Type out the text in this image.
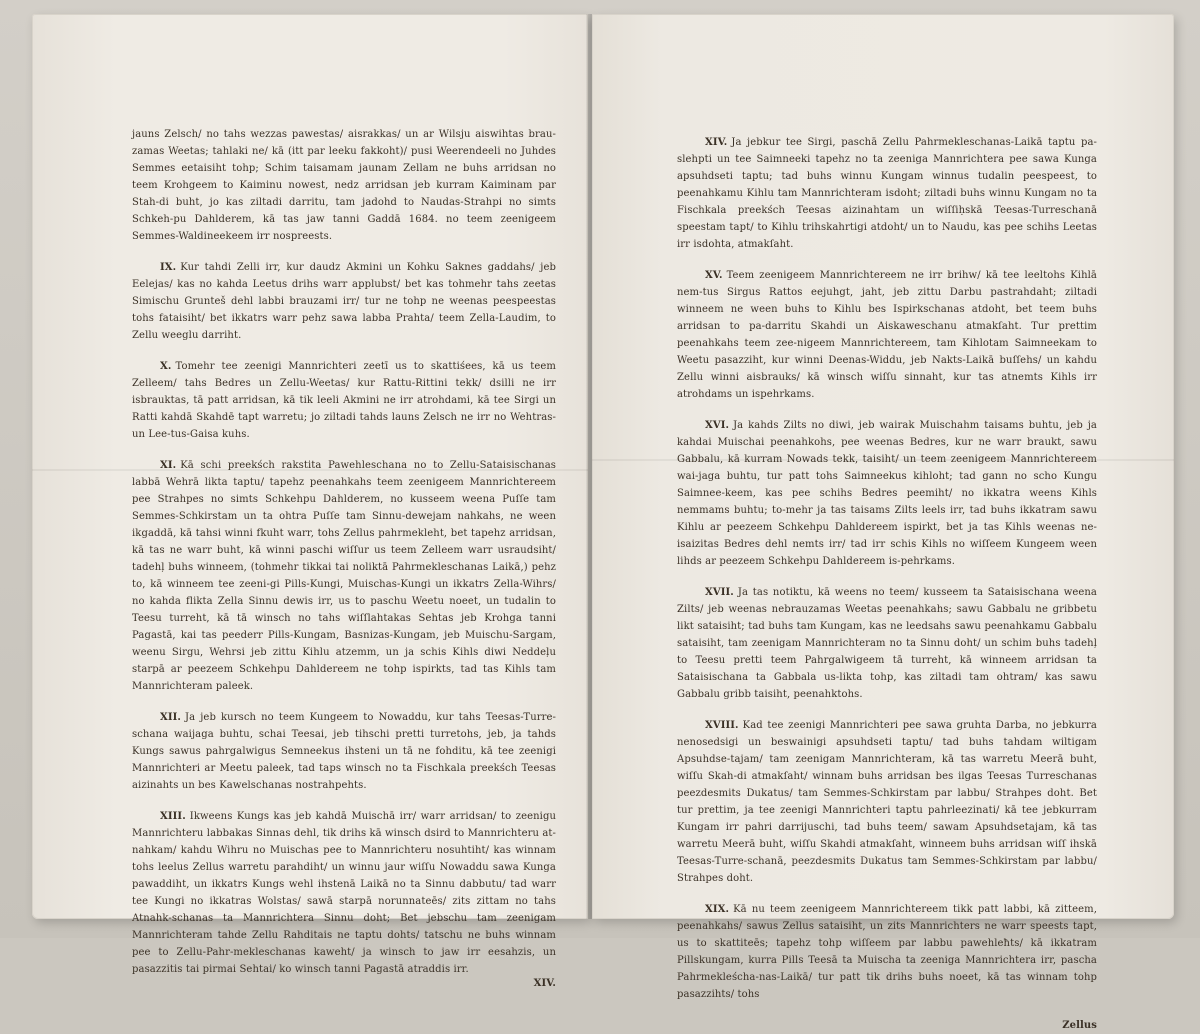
jauns Zelsch/ no tahs wezzas pawestas/ aisrakkas/ un ar Wilsju aiswihtas brau-zamas Weetas; tahlaki ne/ kā (itt par leeku fakkoht)/ pusi Weerendeeli no Juhdes Semmes eetaisiht tohp; Schim taisamam jaunam Zellam ne buhs arridsan no teem Krohgeem to Kaiminu nowest, nedz arridsan jeb kurram Kaiminam par Stah-di buht, jo kas ziltadi darritu, tam jadohd to Naudas-Strahpi no simts Schkeh-pu Dahlderem, kā tas jaw tanni Gaddā 1684. no teem zeenigeem Semmes-Waldineekeem irr nospreests.

IX. Kur tahdi Zelli irr, kur daudz Akmini un Kohku Saknes gaddahs/ jeb Eelejas/ kas no kahda Leetus drihs warr applubst/ bet kas tohmehr tahs zeetas Simischu Grunteš dehl labbi brauzami irr/ tur ne tohp ne weenas peespeestas tohs fataisiht/ bet ikkatrs warr pehz sawa labba Prahta/ teem Zella-Laudim, to Zellu weeglu darriht.
X. Tomehr tee zeenigi Mannrichteri zeetī us to skattiśees, kā us teem Zelleem/ tahs Bedres un Zellu-Weetas/ kur Rattu-Rittini tekk/ dsilli ne irr isbrauktas, tā patt arridsan, kā tik leeli Akmini ne irr atrohdami, kā tee Sirgi un Ratti kahdā Skahdē tapt warretu; jo ziltadi tahds launs Zelsch ne irr no Wehtras-un Lee-tus-Gaisa kuhs.
XI. Kā schi preekśch rakstita Pawehleschana no to Zellu-Sataisischanas labbā Wehrā likta taptu/ tapehz peenahkahs teem zeenigeem Mannrichtereem pee Strahpes no simts Schkehpu Dahlderem, no kusseem weena Puſſe tam Semmes-Schkirstam un ta ohtra Puſſe tam Sinnu-dewejam nahkahs, ne ween ikgaddā, kā tahsi winni fkuht warr, tohs Zellus pahrmekleht, bet tapehz arridsan, kā tas ne warr buht, kā winni paschi wiſſur us teem Zelleem warr usraudsiht/ tadehļ buhs winneem, (tohmehr tikkai tai noliktā Pahrmekleschanas Laikā,) pehz to, kā winneem tee zeeni-gi Pills-Kungi, Muischas-Kungi un ikkatrs Zella-Wihrs/ no kahda flikta Zella Sinnu dewis irr, us to paschu Weetu noeet, un tudalin to Teesu turreht, kā tā winsch no tahs wiſſlahtakas Sehtas jeb Krohga tanni Pagastā, kai tas peederr Pills-Kungam, Basnizas-Kungam, jeb Muischu-Sargam, weenu Sirgu, Wehrsi jeb zittu Kihlu atzemm, un ja schis Kihls diwi Neddeļu starpā ar peezeem Schkehpu Dahldereem ne tohp ispirkts, tad tas Kihls tam Mannrichteram paleek.
XII. Ja jeb kursch no teem Kungeem to Nowaddu, kur tahs Teesas-Turre-schana waijaga buhtu, schai Teesai, jeb tihschi pretti turretohs, jeb, ja tahds Kungs sawus pahrgalwigus Semneekus ihsteni un tā ne fohditu, kā tee zeenigi Mannrichteri ar Meetu paleek, tad taps winsch no ta Fischkala preekśch Teesas aizinahts un bes Kawelschanas nostrahpehts.
XIII. Ikweens Kungs kas jeb kahdā Muischā irr/ warr arridsan/ to zeenigu Mannrichteru labbakas Sinnas dehl, tik drihs kā winsch dsird to Mannrichteru at-nahkam/ kahdu Wihru no Muischas pee to Mannrichteru nosuhtiht/ kas winnam tohs leelus Zellus warretu parahdiht/ un winnu jaur wiſſu Nowaddu sawa Kunga pawaddiht, un ikkatrs Kungs wehl ihstenā Laikā no ta Sinnu dabbutu/ tad warr tee Kungi no ikkatras Wolstas/ sawā starpā norunnateēs/ zits zittam no tahs Atnahk-schanas ta Mannrichtera Sinnu doht; Bet jebschu tam zeenigam Mannrichteram tahde Zellu Rahditais ne taptu dohts/ tatschu ne buhs winnam pee to Zellu-Pahr-mekleschanas kaweht/ ja winsch to jaw irr eesahzis, un pasazzitis tai pirmai Sehtai/ ko winsch tanni Pagastā atraddis irr.
XIV.
XIV. Ja jebkur tee Sirgi, paschā Zellu Pahrmekleschanas-Laikā taptu pa-slehpti un tee Saimneeki tapehz no ta zeeniga Mannrichtera pee sawa Kunga apsuhdseti taptu; tad buhs winnu Kungam winnus tudalin peespeest, to peenahkamu Kihlu tam Mannrichteram isdoht; ziltadi buhs winnu Kungam no ta Fischkala preekśch Teesas aizinahtam un wiſſiḥskā Teesas-Turreschanā speestam tapt/ to Kihlu trihskahrtigi atdoht/ un to Naudu, kas pee schihs Leetas irr isdohta, atmakſaht.
XV. Teem zeenigeem Mannrichtereem ne irr brihw/ kā tee leeltohs Kihlā nem-tus Sirgus Rattos eejuhgt, jaht, jeb zittu Darbu pastrahdaht; ziltadi winneem ne ween buhs to Kihlu bes Ispirkschanas atdoht, bet teem buhs arridsan to pa-darritu Skahdi un Aiskaweschanu atmakſaht. Tur prettim peenahkahs teem zee-nigeem Mannrichtereem, tam Kihlotam Saimneekam to Weetu pasazziht, kur winni Deenas-Widdu, jeb Nakts-Laikā buſſehs/ un kahdu Zellu winni aisbrauks/ kā winsch wiſſu sinnaht, kur tas atnemts Kihls irr atrohdams un ispehrkams.
XVI. Ja kahds Zilts no diwi, jeb wairak Muischahm taisams buhtu, jeb ja kahdai Muischai peenahkohs, pee weenas Bedres, kur ne warr braukt, sawu Gabbalu, kā kurram Nowads tekk, taisiht/ un teem zeenigeem Mannrichtereem wai-jaga buhtu, tur patt tohs Saimneekus kihloht; tad gann no scho Kungu Saimnee-keem, kas pee schihs Bedres peemiht/ no ikkatra weens Kihls nemmams buhtu; to-mehr ja tas taisams Zilts leels irr, tad buhs ikkatram sawu Kihlu ar peezeem Schkehpu Dahldereem ispirkt, bet ja tas Kihls weenas ne-isaizitas Bedres dehl nemts irr/ tad irr schis Kihls no wiſſeem Kungeem ween lihds ar peezeem Schkehpu Dahldereem is-pehrkams.
XVII. Ja tas notiktu, kā weens no teem/ kusseem ta Sataisischana weena Zilts/ jeb weenas nebrauzamas Weetas peenahkahs; sawu Gabbalu ne gribbetu likt sataisiht; tad buhs tam Kungam, kas ne leedsahs sawu peenahkamu Gabbalu sataisiht, tam zeenigam Mannrichteram no ta Sinnu doht/ un schim buhs tadehļ to Teesu pretti teem Pahrgalwigeem tā turreht, kā winneem arridsan ta Sataisischana ta Gabbala us-likta tohp, kas ziltadi tam ohtram/ kas sawu Gabbalu gribb taisiht, peenahktohs.
XVIII. Kad tee zeenigi Mannrichteri pee sawa gruhta Darba, no jebkurra nenosedsigi un beswainigi apsuhdseti taptu/ tad buhs tahdam wiltigam Apsuhdse-tajam/ tam zeenigam Mannrichteram, kā tas warretu Meerā buht, wiſſu Skah-di atmakſaht/ winnam buhs arridsan bes ilgas Teesas Turreschanas peezdesmits Dukatus/ tam Semmes-Schkirstam par labbu/ Strahpes doht. Bet tur prettim, ja tee zeenigi Mannrichteri taptu pahrleezinati/ kā tee jebkurram Kungam irr pahri darrijuschi, tad buhs teem/ sawam Apsuhdsetajam, kā tas warretu Meerā buht, wiſſu Skahdi atmakſaht, winneem buhs arridsan wiſſ ihskā Teesas-Turre-schanā, peezdesmits Dukatus tam Semmes-Schkirstam par labbu/ Strahpes doht.
XIX. Kā nu teem zeenigeem Mannrichtereem tikk patt labbi, kā zitteem, peenahkahs/ sawus Zellus sataisiht, un zits Mannrichters ne warr speests tapt, us to skattiteēs; tapehz tohp wiſſeem par labbu pawehleħts/ kā ikkatram Pillskungam, kurra Pills Teesā ta Muischa ta zeeniga Mannrichtera irr, pascha Pahrmekleścha-nas-Laikā/ tur patt tik drihs buhs noeet, kā tas winnam tohp pasazzihts/ tohs
Zellus
